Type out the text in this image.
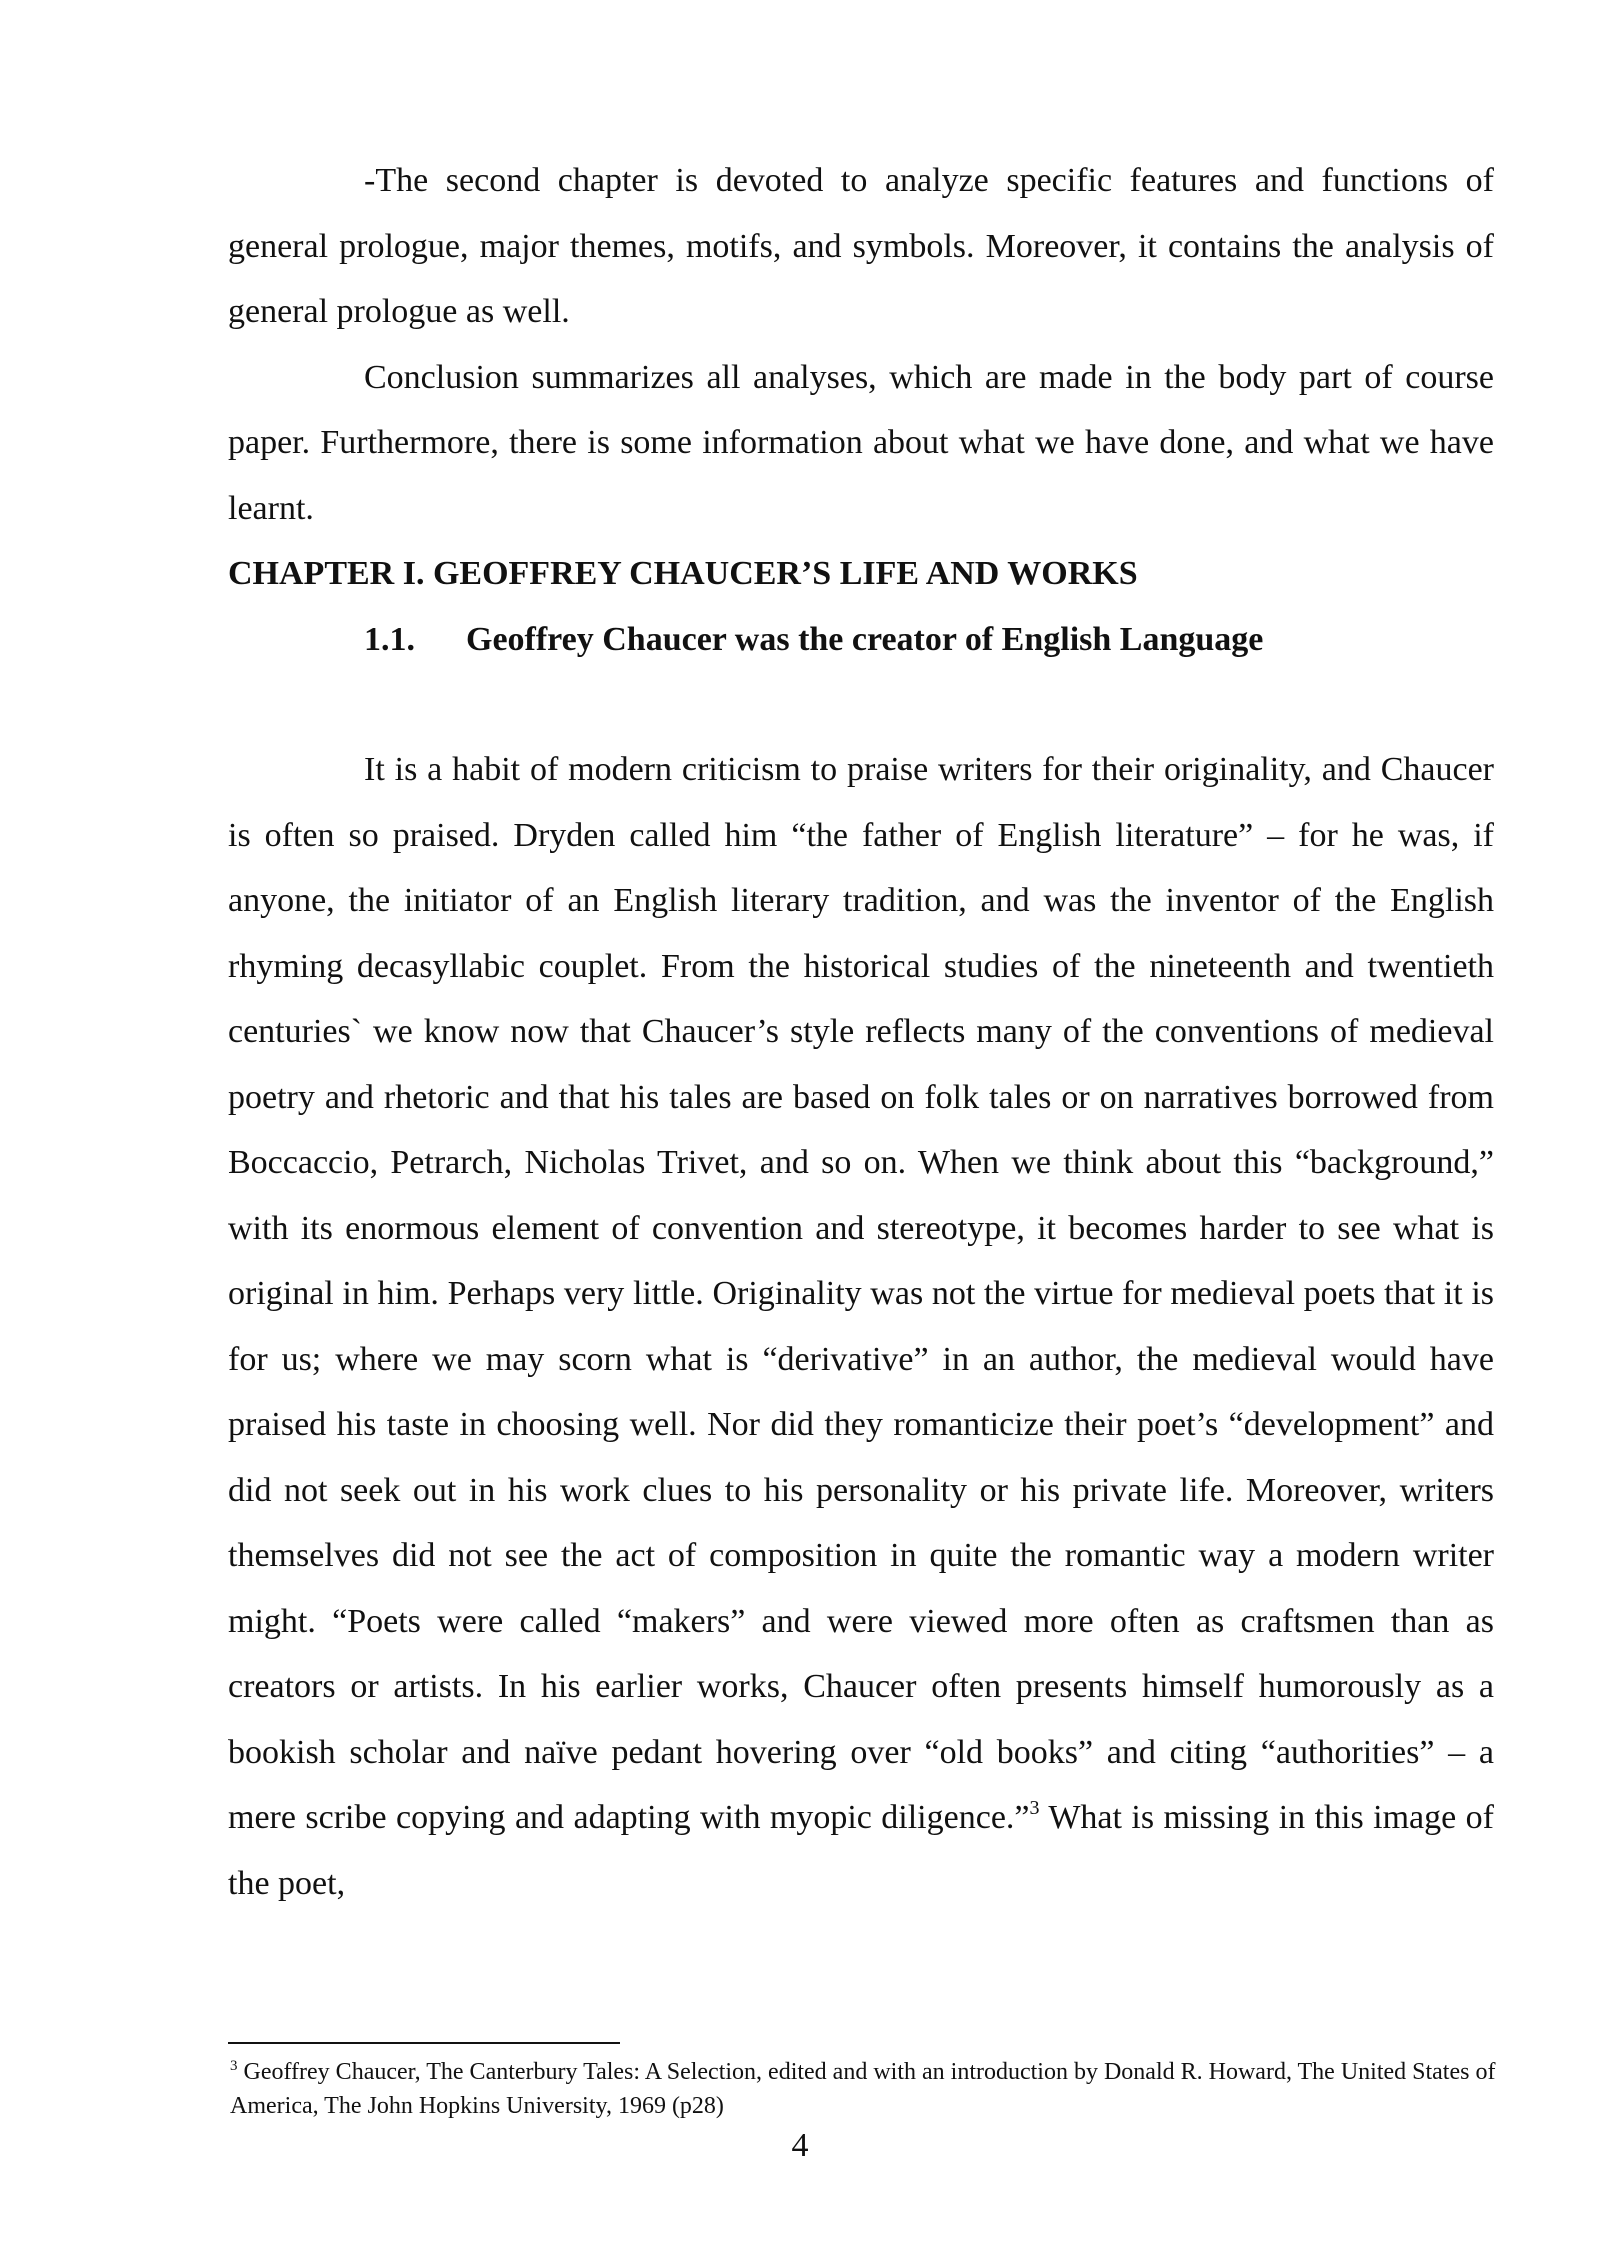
-The second chapter is devoted to analyze specific features and functions of general prologue, major themes, motifs, and symbols. Moreover, it contains the analysis of general prologue as well.

Conclusion summarizes all analyses, which are made in the body part of course paper. Furthermore, there is some information about what we have done, and what we have learnt.

CHAPTER I. GEOFFREY CHAUCER’S LIFE AND WORKS
1.1. Geoffrey Chaucer was the creator of English Language

It is a habit of modern criticism to praise writers for their originality, and Chaucer is often so praised. Dryden called him “the father of English literature” – for he was, if anyone, the initiator of an English literary tradition, and was the inventor of the English rhyming decasyllabic couplet. From the historical studies of the nineteenth and twentieth centuries` we know now that Chaucer’s style reflects many of the conventions of medieval poetry and rhetoric and that his tales are based on folk tales or on narratives borrowed from Boccaccio, Petrarch, Nicholas Trivet, and so on. When we think about this “background,” with its enormous element of convention and stereotype, it becomes harder to see what is original in him. Perhaps very little. Originality was not the virtue for medieval poets that it is for us; where we may scorn what is “derivative” in an author, the medieval would have praised his taste in choosing well. Nor did they romanticize their poet’s “development” and did not seek out in his work clues to his personality or his private life. Moreover, writers themselves did not see the act of composition in quite the romantic way a modern writer might. “Poets were called “makers” and were viewed more often as craftsmen than as creators or artists. In his earlier works, Chaucer often presents himself humorously as a bookish scholar and naïve pedant hovering over “old books” and citing “authorities” – a mere scribe copying and adapting with myopic diligence.”$^3$ What is missing in this image of the poet,

$^3$ Geoffrey Chaucer, The Canterbury Tales: A Selection, edited and with an introduction by Donald R. Howard, The United States of America, The John Hopkins University, 1969 (p28)

4
